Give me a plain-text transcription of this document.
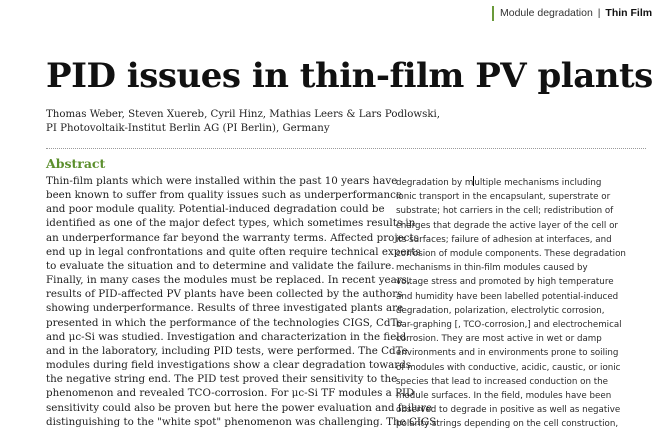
Module degradation | Thin Film
PID issues in thin-film PV plants
Thomas Weber, Steven Xuereb, Cyril Hinz, Mathias Leers & Lars Podlowski,
PI Photovoltaik-Institut Berlin AG (PI Berlin), Germany
Abstract
Thin-film plants which were installed within the past 10 years have
been known to suffer from quality issues such as underperformance
and poor module quality. Potential-induced degradation could be
identified as one of the major defect types, which sometimes results in
an underperformance far beyond the warranty terms. Affected projects
end up in legal confrontations and quite often require technical experts
to evaluate the situation and to determine and validate the failure.
Finally, in many cases the modules must be replaced. In recent years,
results of PID-affected PV plants have been collected by the authors
showing underperformance. Results of three investigated plants are
presented in which the performance of the technologies CIGS, CdTe
and μc-Si was studied. Investigation and characterization in the field
and in the laboratory, including PID tests, were performed. The CdTe
modules during field investigations show a clear degradation towards
the negative string end. The PID test proved their sensitivity to the
phenomenon and revealed TCO-corrosion. For μc-Si TF modules a PID
sensitivity could also be proven but here the power evaluation and failure
distinguishing to the "white spot" phenomenon was challenging. The CIGS
degradation by multiple mechanisms including
ionic transport in the encapsulant, superstrate or
substrate; hot carriers in the cell; redistribution of
charges that degrade the active layer of the cell or
its surfaces; failure of adhesion at interfaces, and
corrosion of module components. These degradation
mechanisms in thin-film modules caused by
voltage stress and promoted by high temperature
and humidity have been labelled potential-induced
degradation, polarization, electrolytic corrosion,
bar-graphing [, TCO-corrosion,] and electrochemical
corrosion. They are most active in wet or damp
environments and in environments prone to soiling
of modules with conductive, acidic, caustic, or ionic
species that lead to increased conduction on the
module surfaces. In the field, modules have been
observed to degrade in positive as well as negative
polarity strings depending on the cell construction,
